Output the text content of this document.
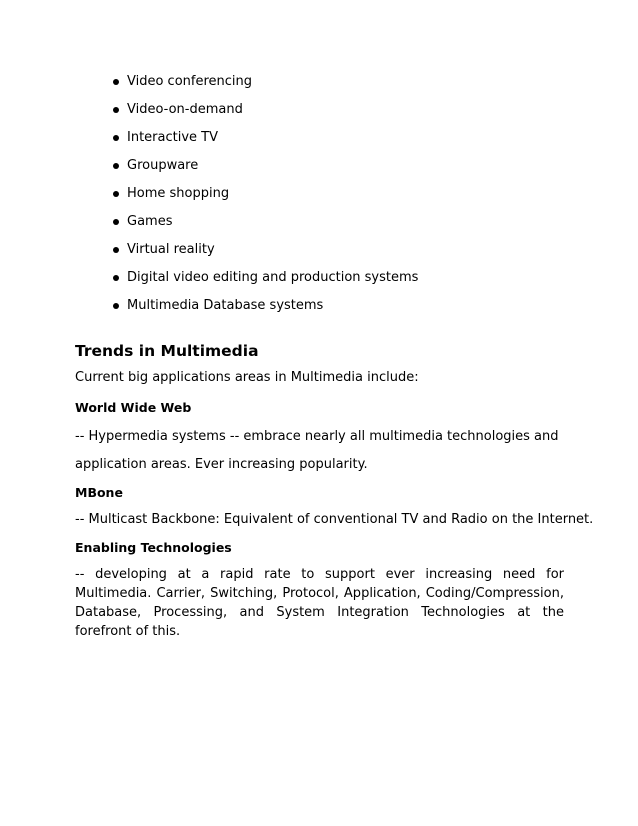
Video conferencing
Video-on-demand
Interactive TV
Groupware
Home shopping
Games
Virtual reality
Digital video editing and production systems
Multimedia Database systems
Trends in Multimedia

Current big applications areas in Multimedia include:

World Wide Web

-- Hypermedia systems -- embrace nearly all multimedia technologies and

application areas. Ever increasing popularity.

MBone

-- Multicast Backbone: Equivalent of conventional TV and Radio on the Internet.

Enabling Technologies

-- developing at a rapid rate to support ever increasing need for Multimedia. Carrier, Switching, Protocol, Application, Coding/Compression, Database, Processing, and System Integration Technologies at the forefront of this.
